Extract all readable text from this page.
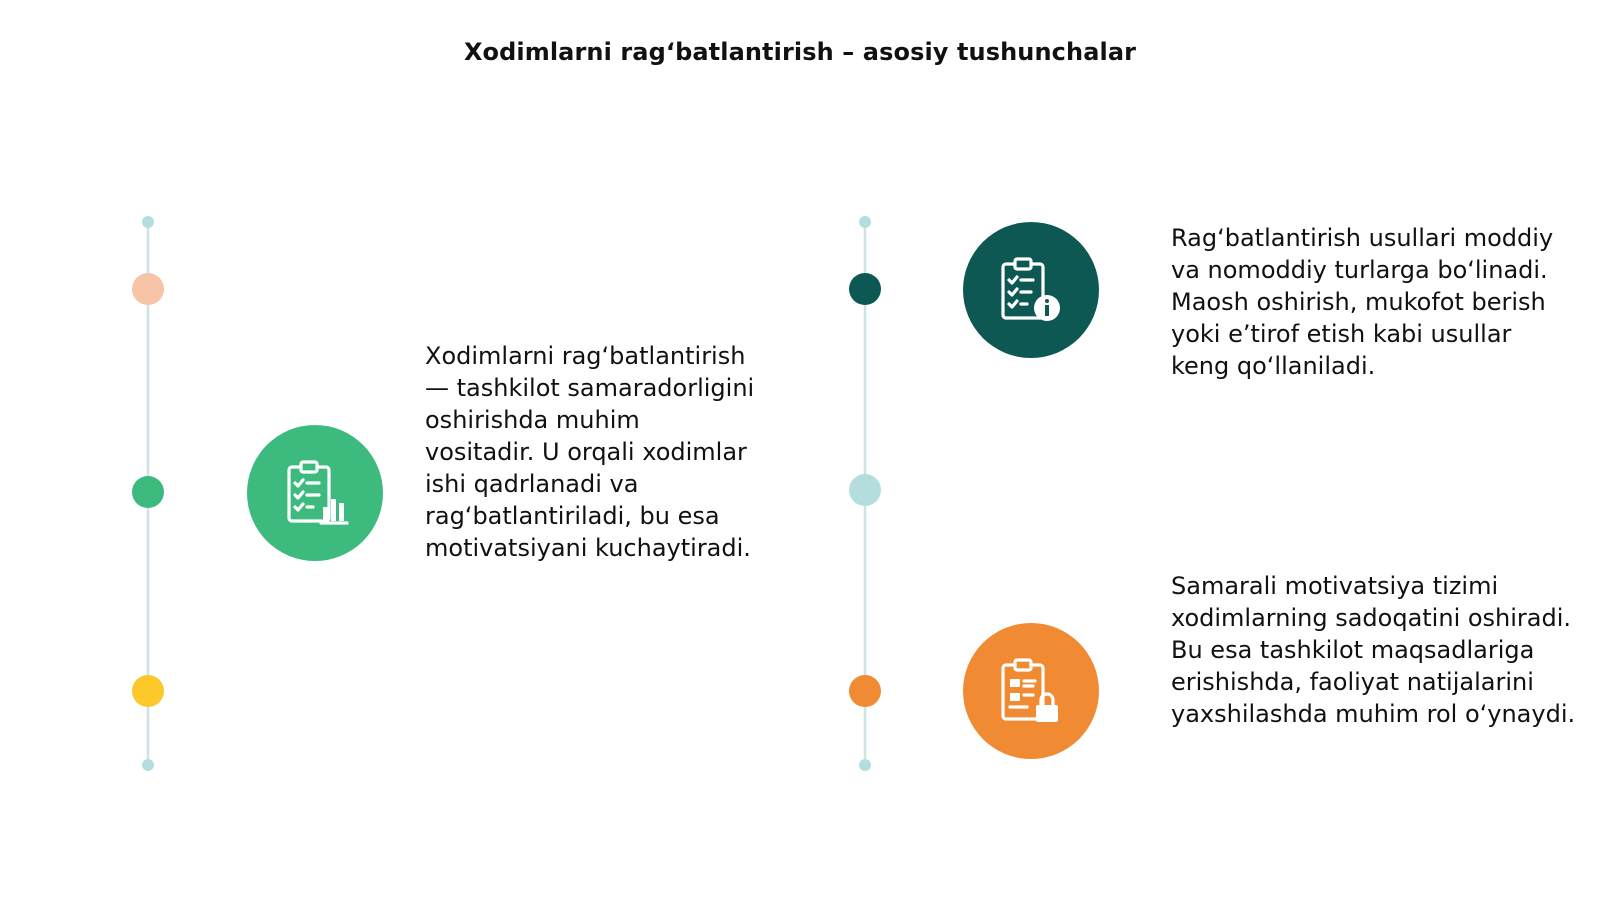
Xodimlarni rag‘batlantirish – asosiy tushunchalar
Xodimlarni rag‘batlantirish — tashkilot samaradorligini oshirishda muhim vositadir. U orqali xodimlar ishi qadrlanadi va rag‘batlantiriladi, bu esa motivatsiyani kuchaytiradi.
Rag‘batlantirish usullari moddiy va nomoddiy turlarga bo‘linadi. Maosh oshirish, mukofot berish yoki e’tirof etish kabi usullar keng qo‘llaniladi.
Samarali motivatsiya tizimi xodimlarning sadoqatini oshiradi. Bu esa tashkilot maqsadlariga erishishda, faoliyat natijalarini yaxshilashda muhim rol o‘ynaydi.
